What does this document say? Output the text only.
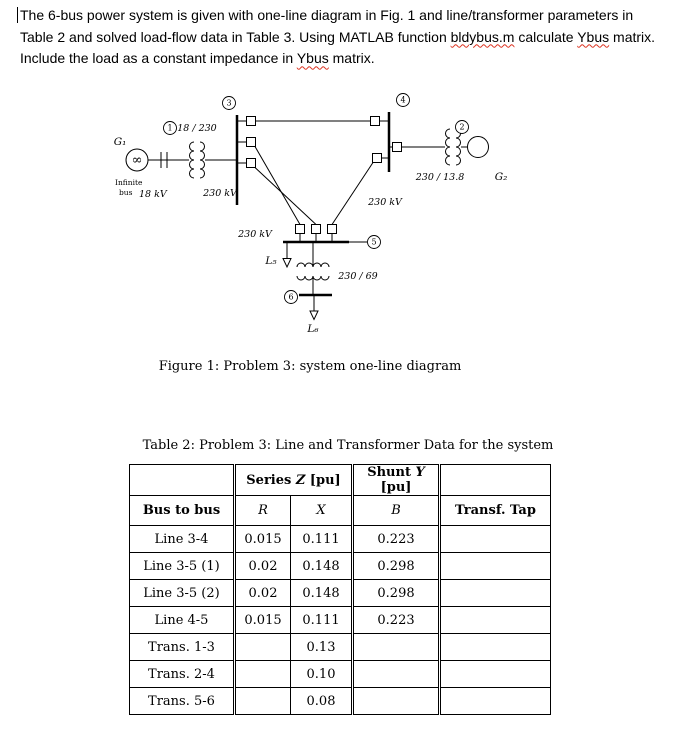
The 6-bus power system is given with one-line diagram in Fig. 1 and line/transformer parameters in
Table 2 and solved load-flow data in Table 3. Using MATLAB function bldybus.m calculate Ybus matrix.
Include the load as a constant impedance in Ybus matrix.
1	2
3	4
5
6
∞
G₁
G₂
Infinite
bus 18 kV
18 / 230
230 / 13.8
230 / 69
230 kV
230 kV
230 kV
L₅
L₆
Figure 1: Problem 3: system one-line diagram
Table 2: Problem 3: Line and Transformer Data for the system
	Series Z [pu]		Shunt Y [pu]	
Bus to bus	R	X	B	Transf. Tap
Line 3-4	0.015	0.111	0.223	
Line 3-5 (1)	0.02	0.148	0.298	
Line 3-5 (2)	0.02	0.148	0.298	
Line 4-5	0.015	0.111	0.223	
Trans. 1-3		0.13		
Trans. 2-4		0.10		
Trans. 5-6		0.08		
